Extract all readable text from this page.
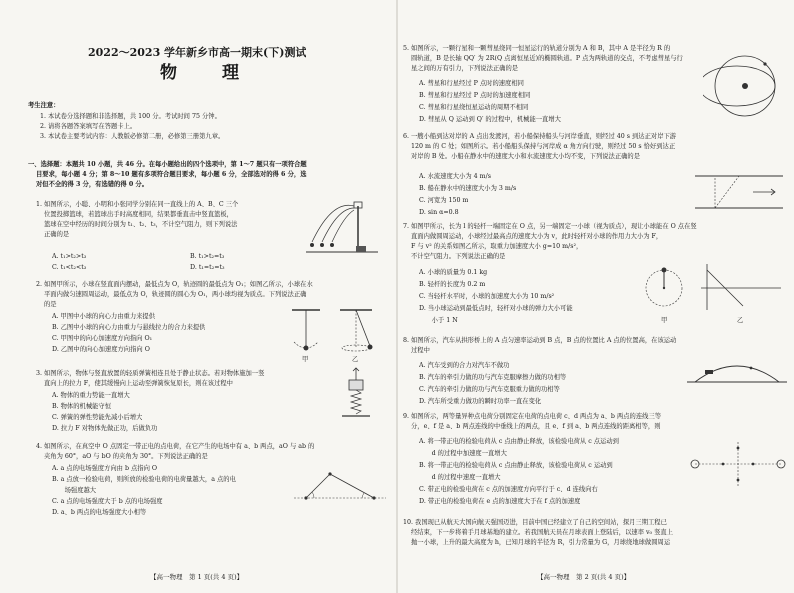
2022～2023 学年新乡市高一期末(下)测试
物　理
考生注意：
1. 本试卷分选择题和非选择题，共 100 分。考试时间 75 分钟。
2. 请将各题答案填写在答题卡上。
3. 本试卷主要考试内容：人教版必修第二册，必修第三册第九章。
一、选择题：本题共 10 小题，共 46 分。在每小题给出的四个选项中，第 1～7 题只有一项符合题
目要求，每小题 4 分；第 8～10 题有多项符合题目要求，每小题 6 分，全部选对的得 6 分，选
对但不全的得 3 分，有选错的得 0 分。
1. 如图所示，小聪、小明和小张同学分别在同一直线上的 A、B、C 三个
位置投掷篮球，若篮球出手时高度相同，结果都垂直击中竖直篮板，
篮球在空中经历的时间分别为 t₁、t₂、t₃，不计空气阻力，则下列说法
正确的是
A. t₁>t₂>t₃	B. t₁>t₂=t₃
C. t₁<t₂<t₃	D. t₁=t₂=t₃
2. 如图甲所示，小球在竖直面内摆动，最低点为 O，轨迹圆的最低点为 O₁；如图乙所示，小球在水
平面内做匀速圆周运动，最低点为 O，轨迹圆的圆心为 O₁，两小球均视为质点。下列说法正确
的是
A. 甲图中小球的向心力由重力来提供
B. 乙图中小球的向心力由重力与悬线拉力的合力来提供
C. 甲图中的向心加速度方向指向 O₁
D. 乙图中的向心加速度方向指向 O
甲	乙
3. 如图所示，物体与竖直放置的轻质弹簧相连且处于静止状态。若对物体施加一竖
直向上的拉力 F，使其缓慢向上运动至弹簧恢复原长，则在该过程中
A. 物体的重力势能一直增大
B. 物体的机械能守恒
C. 弹簧的弹性势能先减小后增大
D. 拉力 F 对物体先做正功，后做负功
4. 如图所示，在真空中 O 点固定一带正电的点电荷，在它产生的电场中有 a、b 两点，aO 与 ab 的
夹角为 60°，aO 与 bO 的夹角为 30°。下列说法正确的是
A. a 点的电场强度方向由 b 点指向 O
B. a 点放一检验电荷，则所放的检验电荷的电荷量越大，a 点的电
　　场强度越大
C. a 点的电场强度大于 b 点的电场强度
D. a、b 两点的电场强度大小相等
【高一物理　第 1 页(共 4 页)】
5. 如图所示，一颗行星和一颗彗星绕同一恒星运行的轨道分别为 A 和 B，其中 A 是半径为 R 的
圆轨道，B 是长轴 QQ′ 为 2R(Q 点离恒星近)的椭圆轨道。P 点为两轨道的交点，不考虑彗星与行
星之间的万有引力，下列说法正确的是
A. 彗星和行星经过 P 点时的速度相同
B. 彗星和行星经过 P 点时的加速度相同
C. 彗星和行星绕恒星运动的周期不相同
D. 彗星从 Q 运动到 Q′ 的过程中，机械能一直增大
6. 一艘小船到达对岸的 A 点出发渡河，若小船保持船头与河岸垂直，则经过 40 s 到达正对岸下游
120 m 的 C 处；如图所示。若小船船头保持与河岸成 α 角方向行驶，则经过 50 s 恰好到达正
对岸的 B 处。小船在静水中的速度大小和水流速度大小均不变，下列说法正确的是
A. 水流速度大小为 4 m/s
B. 船在静水中的速度大小为 3 m/s
C. 河宽为 150 m
D. sin α=0.8
7. 如图甲所示，长为 l 的轻杆一端固定在 O 点，另一端固定一小球（视为质点），现让小球能在 O 点在竖
直面内做圆周运动，小球经过最高点的速度大小为 v，此时轻杆对小球的作用力大小为 F，
F 与 v² 的关系如图乙所示，取重力加速度大小 g=10 m/s²，
不计空气阻力。下列说法正确的是
A. 小球的质量为 0.1 kg
B. 轻杆的长度为 0.2 m
C. 当轻杆水平时，小球的加速度大小为 10 m/s²
D. 当小球运动到最低点时，轻杆对小球的弹力大小可能
　　小于 1 N	甲	乙
8. 如图所示，汽车从拱形桥上的 A 点匀速率运动到 B 点，B 点的位置比 A 点的位置高，在该运动
过程中
A. 汽车受到的合力对汽车不做功
B. 汽车的牵引力做的功与汽车克服摩擦力做的功相等
C. 汽车的牵引力做的功与汽车克服重力做的功相等
D. 汽车所受重力做功的瞬时功率一直在变化
9. 如图所示，两等量异种点电荷分别固定在电荷的点电荷 c、d 两点为 a、b 两点的连线三等
分，e、f 是 a、b 两点连线的中垂线上的两点，且 e、f 到 a、b 两点连线的距离相等，则
A. 将一带正电的检验电荷从 c 点由静止释放，该检验电荷从 c 点运动到
　　d 的过程中加速度一直增大
B. 将一带正电的检验电荷从 c 点由静止释放，该检验电荷从 c 运动到
　　d 的过程中速度一直增大
C. 带正电的检验电荷在 c 点的加速度方向平行于 c、d 连线向右
D. 带正电的检验电荷在 e 点的加速度大于在 f 点的加速度
10. 我国现已从航天大国向航天强国迈进，目前中国已经建立了自己的空间站，探月三期工程已
经结束，下一步将着手月球基地的建立。若我国航天员在月球表面上登陆后，以速率 v₀ 竖直上
抛一小球，上升的最大高度为 h，已知月球的半径为 R，引力常量为 G，月球绕地球做圆周运
【高一物理　第 2 页(共 4 页)】
